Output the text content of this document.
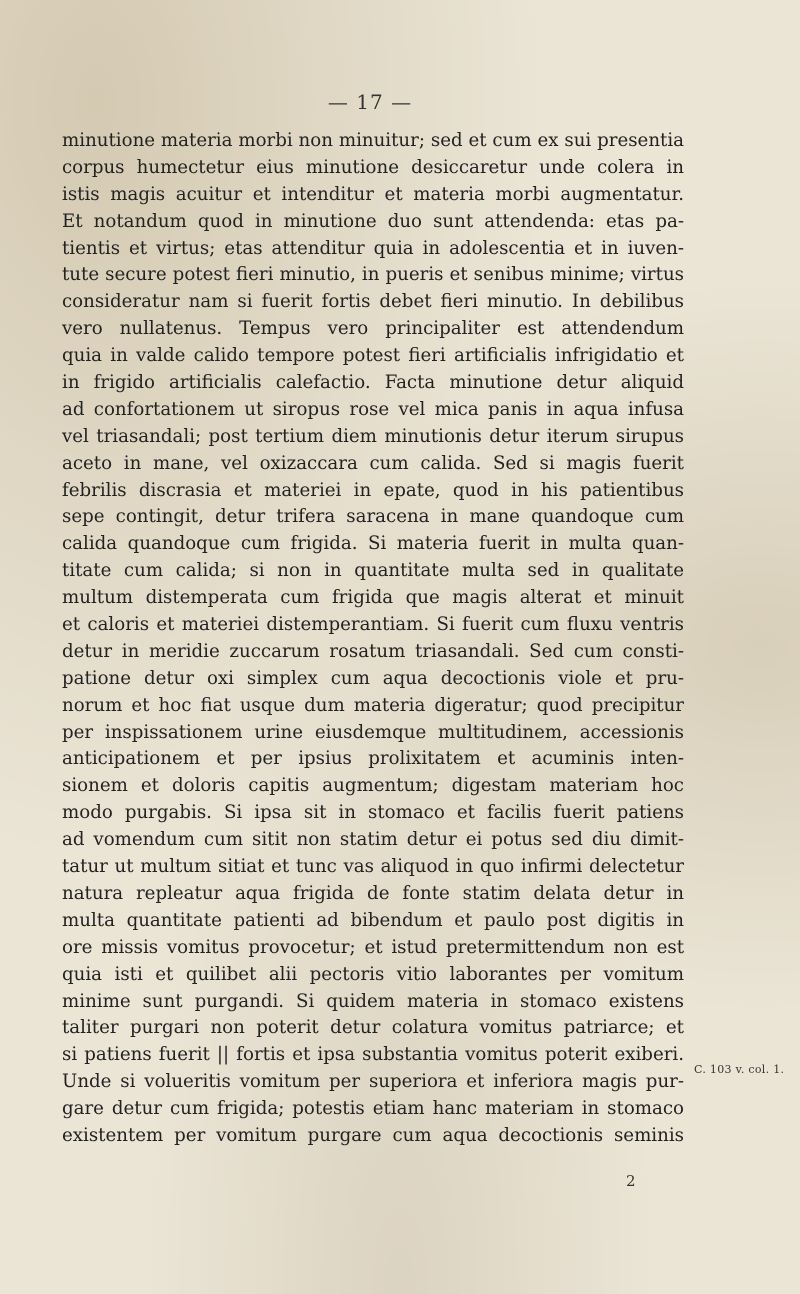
— 17 —
minutione materia morbi non minuitur; sed et cum ex sui presentia
corpus humectetur eius minutione desiccaretur unde colera in
istis magis acuitur et intenditur et materia morbi augmentatur.
Et notandum quod in minutione duo sunt attendenda: etas pa-
tientis et virtus; etas attenditur quia in adolescentia et in iuven-
tute secure potest fieri minutio, in pueris et senibus minime; virtus
consideratur nam si fuerit fortis debet fieri minutio. In debilibus
vero nullatenus. Tempus vero principaliter est attendendum
quia in valde calido tempore potest fieri artificialis infrigidatio et
in frigido artificialis calefactio. Facta minutione detur aliquid
ad confortationem ut siropus rose vel mica panis in aqua infusa
vel triasandali; post tertium diem minutionis detur iterum sirupus
aceto in mane, vel oxizaccara cum calida. Sed si magis fuerit
febrilis discrasia et materiei in epate, quod in his patientibus
sepe contingit, detur trifera saracena in mane quandoque cum
calida quandoque cum frigida. Si materia fuerit in multa quan-
titate cum calida; si non in quantitate multa sed in qualitate
multum distemperata cum frigida que magis alterat et minuit
et caloris et materiei distemperantiam. Si fuerit cum fluxu ventris
detur in meridie zuccarum rosatum triasandali. Sed cum consti-
patione detur oxi simplex cum aqua decoctionis viole et pru-
norum et hoc fiat usque dum materia digeratur; quod precipitur
per inspissationem urine eiusdemque multitudinem, accessionis
anticipationem et per ipsius prolixitatem et acuminis inten-
sionem et doloris capitis augmentum; digestam materiam hoc
modo purgabis. Si ipsa sit in stomaco et facilis fuerit patiens
ad vomendum cum sitit non statim detur ei potus sed diu dimit-
tatur ut multum sitiat et tunc vas aliquod in quo infirmi delectetur
natura repleatur aqua frigida de fonte statim delata detur in
multa quantitate patienti ad bibendum et paulo post digitis in
ore missis vomitus provocetur; et istud pretermittendum non est
quia isti et quilibet alii pectoris vitio laborantes per vomitum
minime sunt purgandi. Si quidem materia in stomaco existens
taliter purgari non poterit detur colatura vomitus patriarce; et
si patiens fuerit || fortis et ipsa substantia vomitus poterit exiberi.
Unde si volueritis vomitum per superiora et inferiora magis pur-
gare detur cum frigida; potestis etiam hanc materiam in stomaco
existentem per vomitum purgare cum aqua decoctionis seminis
C. 103 v. col. 1.
2
